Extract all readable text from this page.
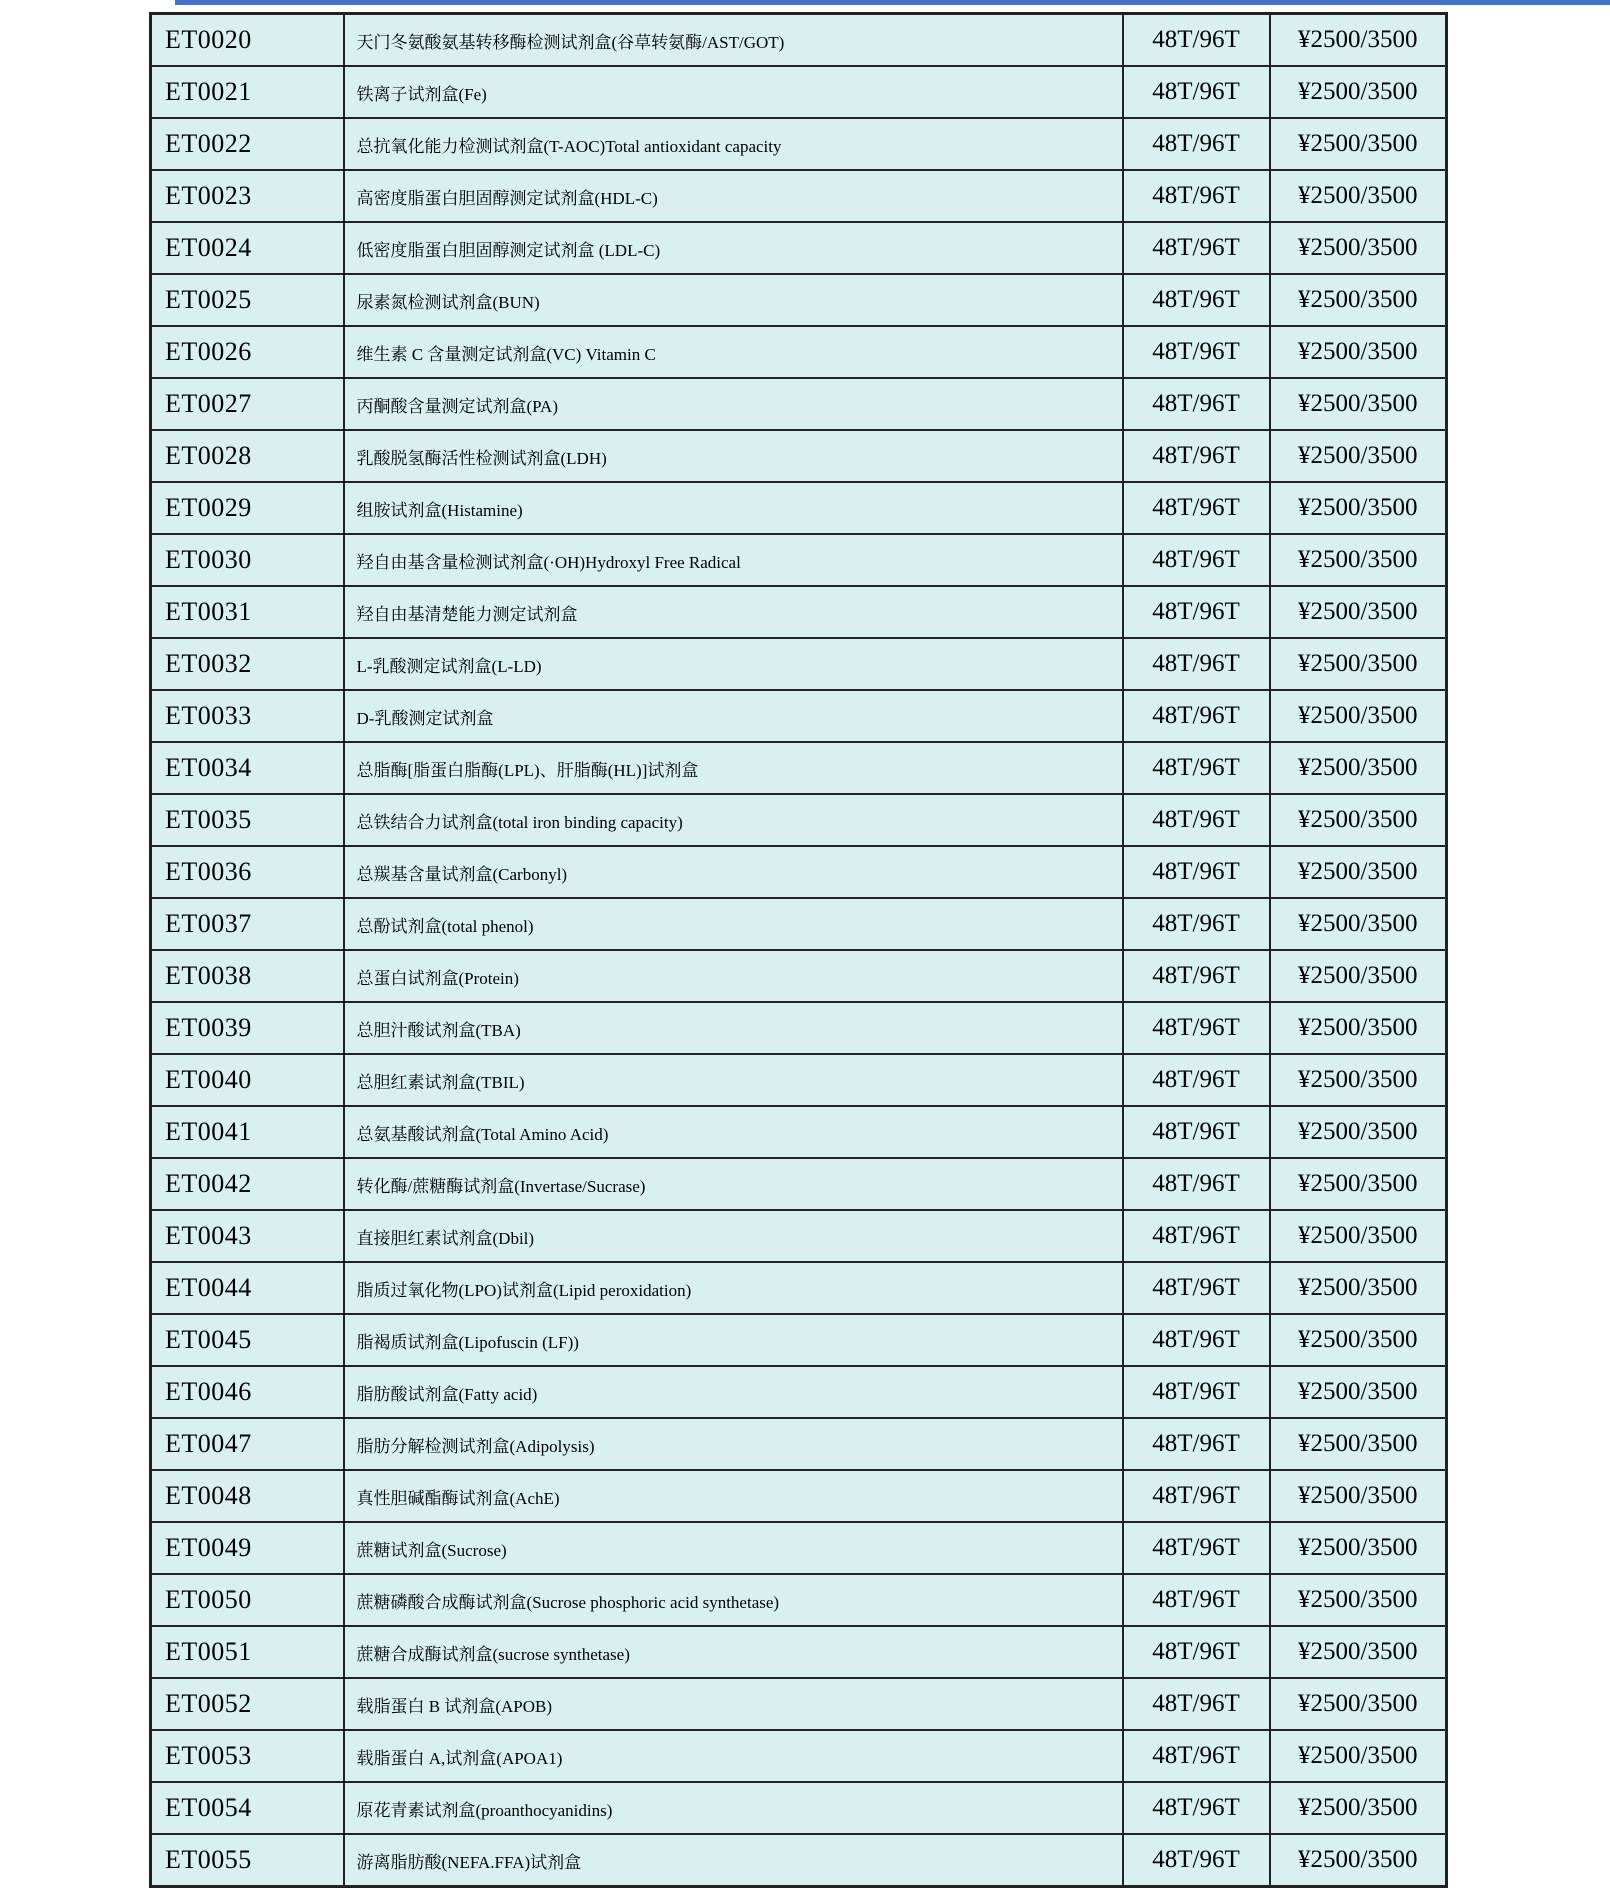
ET0020	天门冬氨酸氨基转移酶检测试剂盒(谷草转氨酶/AST/GOT)	48T/96T	¥2500/3500
ET0021	铁离子试剂盒(Fe)	48T/96T	¥2500/3500
ET0022	总抗氧化能力检测试剂盒(T-AOC)Total antioxidant capacity	48T/96T	¥2500/3500
ET0023	高密度脂蛋白胆固醇测定试剂盒(HDL-C)	48T/96T	¥2500/3500
ET0024	低密度脂蛋白胆固醇测定试剂盒 (LDL-C)	48T/96T	¥2500/3500
ET0025	尿素氮检测试剂盒(BUN)	48T/96T	¥2500/3500
ET0026	维生素 C 含量测定试剂盒(VC) Vitamin C	48T/96T	¥2500/3500
ET0027	丙酮酸含量测定试剂盒(PA)	48T/96T	¥2500/3500
ET0028	乳酸脱氢酶活性检测试剂盒(LDH)	48T/96T	¥2500/3500
ET0029	组胺试剂盒(Histamine)	48T/96T	¥2500/3500
ET0030	羟自由基含量检测试剂盒(·OH)Hydroxyl Free Radical	48T/96T	¥2500/3500
ET0031	羟自由基清楚能力测定试剂盒	48T/96T	¥2500/3500
ET0032	L-乳酸测定试剂盒(L-LD)	48T/96T	¥2500/3500
ET0033	D-乳酸测定试剂盒	48T/96T	¥2500/3500
ET0034	总脂酶[脂蛋白脂酶(LPL)、肝脂酶(HL)]试剂盒	48T/96T	¥2500/3500
ET0035	总铁结合力试剂盒(total iron binding capacity)	48T/96T	¥2500/3500
ET0036	总羰基含量试剂盒(Carbonyl)	48T/96T	¥2500/3500
ET0037	总酚试剂盒(total phenol)	48T/96T	¥2500/3500
ET0038	总蛋白试剂盒(Protein)	48T/96T	¥2500/3500
ET0039	总胆汁酸试剂盒(TBA)	48T/96T	¥2500/3500
ET0040	总胆红素试剂盒(TBIL)	48T/96T	¥2500/3500
ET0041	总氨基酸试剂盒(Total Amino Acid)	48T/96T	¥2500/3500
ET0042	转化酶/蔗糖酶试剂盒(Invertase/Sucrase)	48T/96T	¥2500/3500
ET0043	直接胆红素试剂盒(Dbil)	48T/96T	¥2500/3500
ET0044	脂质过氧化物(LPO)试剂盒(Lipid peroxidation)	48T/96T	¥2500/3500
ET0045	脂褐质试剂盒(Lipofuscin (LF))	48T/96T	¥2500/3500
ET0046	脂肪酸试剂盒(Fatty acid)	48T/96T	¥2500/3500
ET0047	脂肪分解检测试剂盒(Adipolysis)	48T/96T	¥2500/3500
ET0048	真性胆碱酯酶试剂盒(AchE)	48T/96T	¥2500/3500
ET0049	蔗糖试剂盒(Sucrose)	48T/96T	¥2500/3500
ET0050	蔗糖磷酸合成酶试剂盒(Sucrose phosphoric acid synthetase)	48T/96T	¥2500/3500
ET0051	蔗糖合成酶试剂盒(sucrose synthetase)	48T/96T	¥2500/3500
ET0052	载脂蛋白 B 试剂盒(APOB)	48T/96T	¥2500/3500
ET0053	载脂蛋白 A,试剂盒(APOA1)	48T/96T	¥2500/3500
ET0054	原花青素试剂盒(proanthocyanidins)	48T/96T	¥2500/3500
ET0055	游离脂肪酸(NEFA.FFA)试剂盒	48T/96T	¥2500/3500
